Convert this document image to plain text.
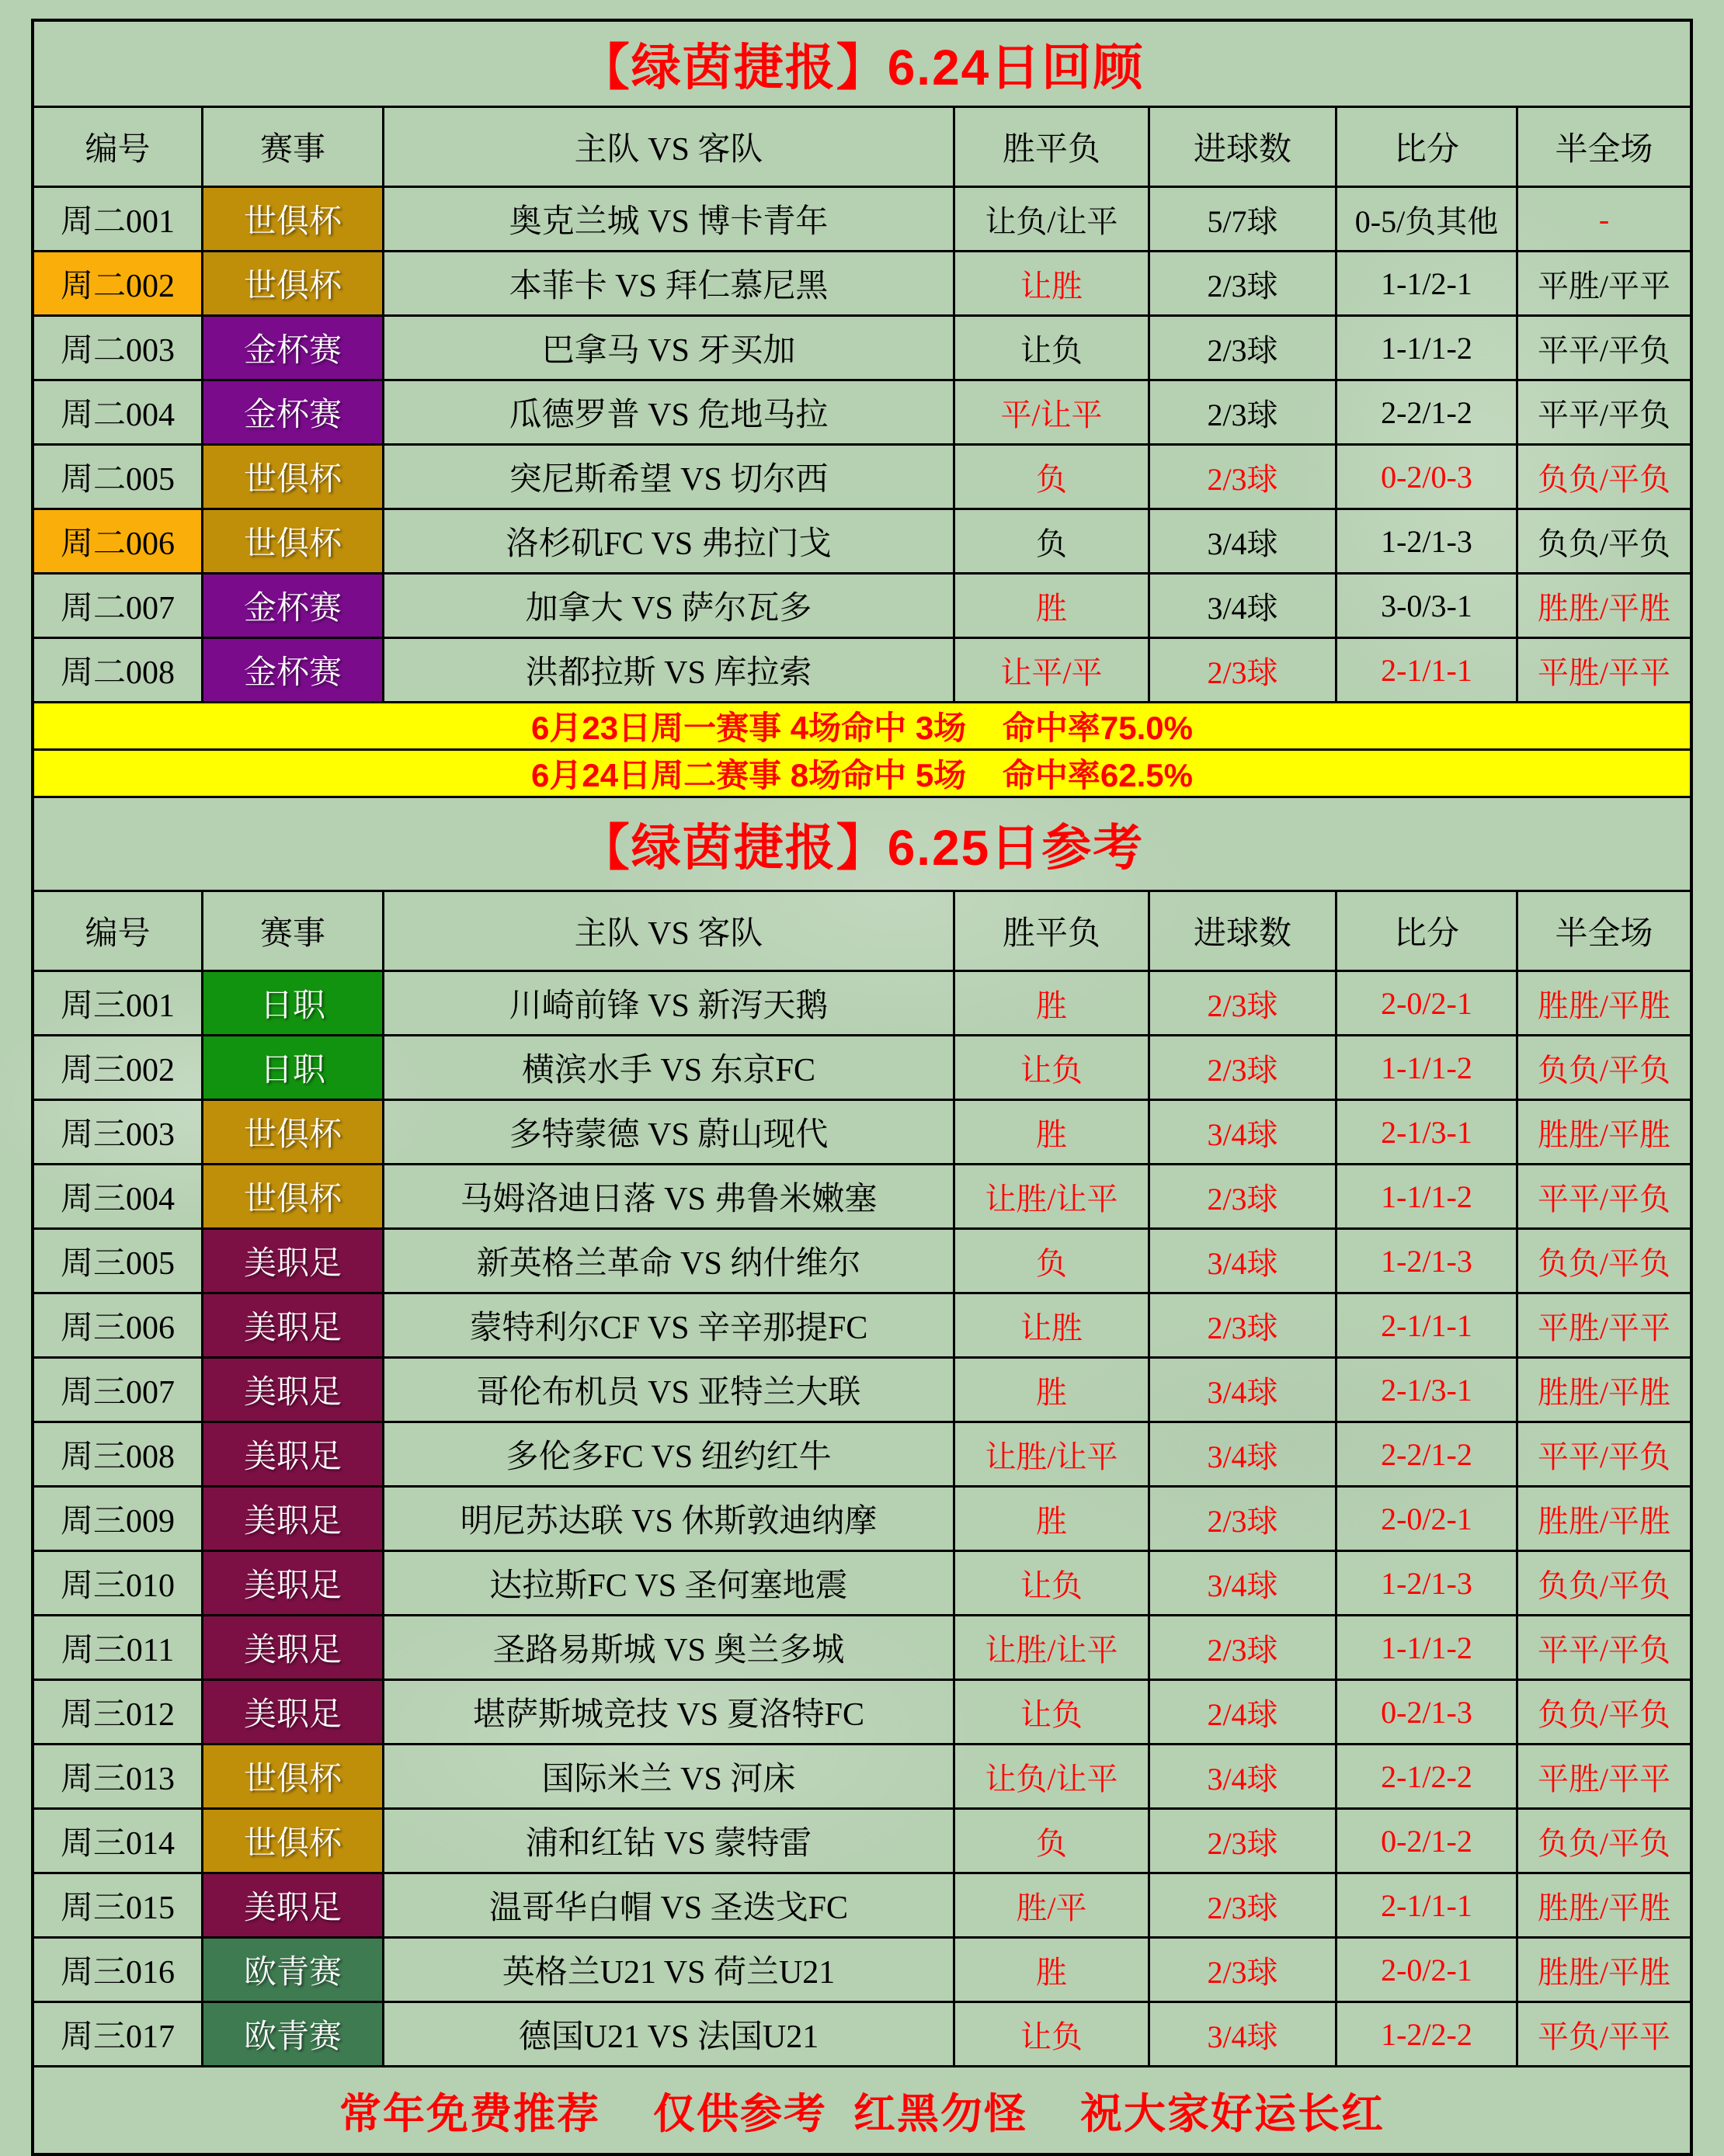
【绿茵捷报】6.24日回顾
编号	赛事	主队 VS 客队	胜平负	进球数	比分	半全场
周二001	世俱杯	奥克兰城 VS 博卡青年	让负/让平	5/7球	0-5/负其他	-
周二002	世俱杯	本菲卡 VS 拜仁慕尼黑	让胜	2/3球	1-1/2-1	平胜/平平
周二003	金杯赛	巴拿马 VS 牙买加	让负	2/3球	1-1/1-2	平平/平负
周二004	金杯赛	瓜德罗普 VS 危地马拉	平/让平	2/3球	2-2/1-2	平平/平负
周二005	世俱杯	突尼斯希望 VS 切尔西	负	2/3球	0-2/0-3	负负/平负
周二006	世俱杯	洛杉矶FC VS 弗拉门戈	负	3/4球	1-2/1-3	负负/平负
周二007	金杯赛	加拿大 VS 萨尔瓦多	胜	3/4球	3-0/3-1	胜胜/平胜
周二008	金杯赛	洪都拉斯 VS 库拉索	让平/平	2/3球	2-1/1-1	平胜/平平
6月23日周一赛事 4场命中 3场    命中率75.0%
6月24日周二赛事 8场命中 5场    命中率62.5%
【绿茵捷报】6.25日参考
编号	赛事	主队 VS 客队	胜平负	进球数	比分	半全场
周三001	日职	川崎前锋 VS 新泻天鹅	胜	2/3球	2-0/2-1	胜胜/平胜
周三002	日职	横滨水手 VS 东京FC	让负	2/3球	1-1/1-2	负负/平负
周三003	世俱杯	多特蒙德 VS 蔚山现代	胜	3/4球	2-1/3-1	胜胜/平胜
周三004	世俱杯	马姆洛迪日落 VS 弗鲁米嫩塞	让胜/让平	2/3球	1-1/1-2	平平/平负
周三005	美职足	新英格兰革命 VS 纳什维尔	负	3/4球	1-2/1-3	负负/平负
周三006	美职足	蒙特利尔CF VS 辛辛那提FC	让胜	2/3球	2-1/1-1	平胜/平平
周三007	美职足	哥伦布机员 VS 亚特兰大联	胜	3/4球	2-1/3-1	胜胜/平胜
周三008	美职足	多伦多FC VS 纽约红牛	让胜/让平	3/4球	2-2/1-2	平平/平负
周三009	美职足	明尼苏达联 VS 休斯敦迪纳摩	胜	2/3球	2-0/2-1	胜胜/平胜
周三010	美职足	达拉斯FC VS 圣何塞地震	让负	3/4球	1-2/1-3	负负/平负
周三011	美职足	圣路易斯城 VS 奥兰多城	让胜/让平	2/3球	1-1/1-2	平平/平负
周三012	美职足	堪萨斯城竞技 VS 夏洛特FC	让负	2/4球	0-2/1-3	负负/平负
周三013	世俱杯	国际米兰 VS 河床	让负/让平	3/4球	2-1/2-2	平胜/平平
周三014	世俱杯	浦和红钻 VS 蒙特雷	负	2/3球	0-2/1-2	负负/平负
周三015	美职足	温哥华白帽 VS 圣迭戈FC	胜/平	2/3球	2-1/1-1	胜胜/平胜
周三016	欧青赛	英格兰U21 VS 荷兰U21	胜	2/3球	2-0/2-1	胜胜/平胜
周三017	欧青赛	德国U21 VS 法国U21	让负	3/4球	1-2/2-2	平负/平平
常年免费推荐    仅供参考  红黑勿怪    祝大家好运长红
